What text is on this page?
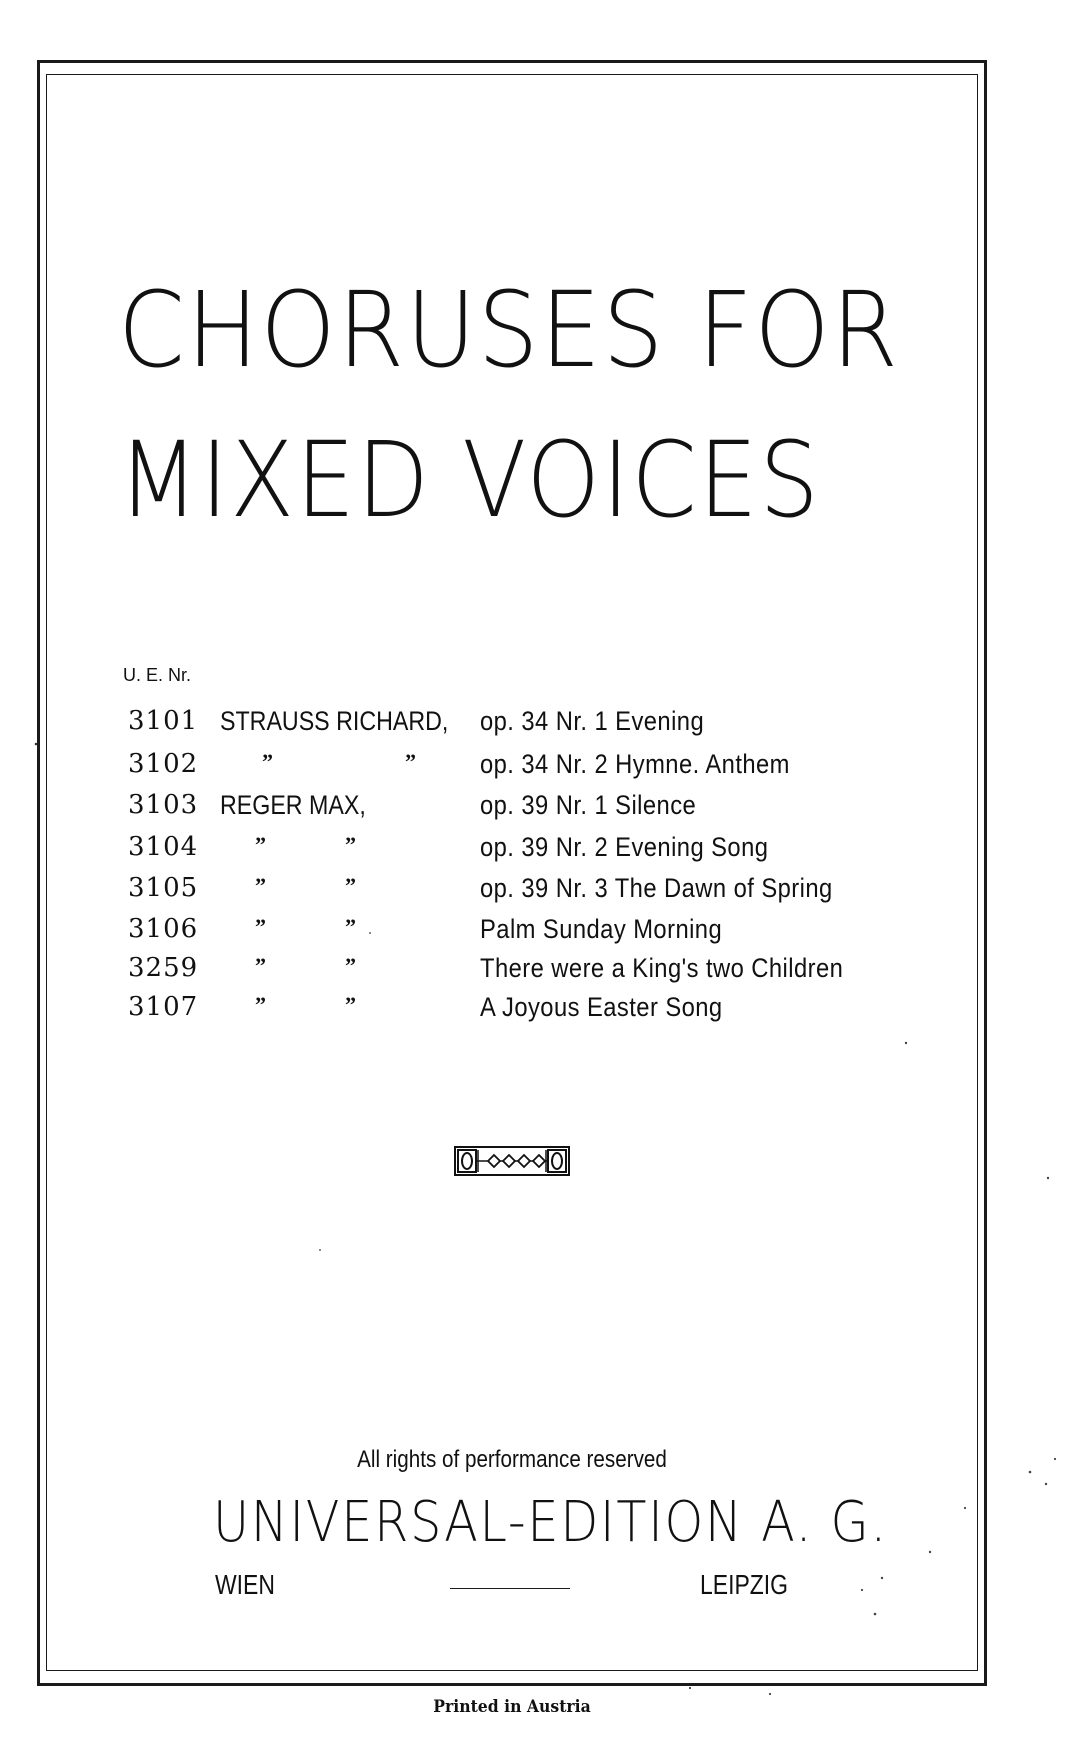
CHORUSES FOR
MIXED VOICES
U. E. Nr.
3101 STRAUSS RICHARD, op. 34 Nr. 1 Evening
3102	”	” op. 34 Nr. 2 Hymne. Anthem
3103 REGER MAX,	op. 39 Nr. 1 Silence
3104	”	”	op. 39 Nr. 2 Evening Song
3105	”	”	op. 39 Nr. 3 The Dawn of Spring
3106	”	”	Palm Sunday Morning
3259	”	”	There were a King's two Children
3107	”	”	A Joyous Easter Song
All rights of performance reserved
UNIVERSAL-EDITION A. G.
WIEN	LEIPZIG
Printed in Austria
